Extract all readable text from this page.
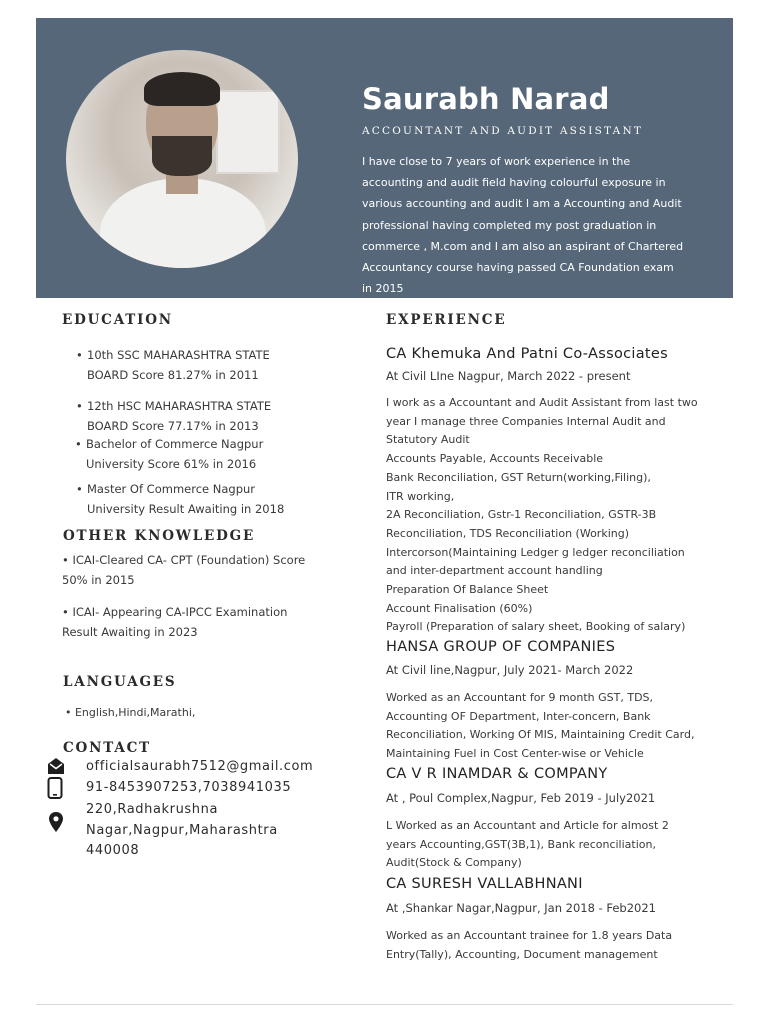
Saurabh Narad
ACCOUNTANT AND AUDIT ASSISTANT
I have close to 7 years of work experience in the
accounting and audit field having colourful exposure in
various accounting and audit I am a Accounting and Audit
professional having completed my post graduation in
commerce , M.com and I am also an aspirant of Chartered
Accountancy course having passed CA Foundation exam
in 2015
EDUCATION
• 10th SSC MAHARASHTRA STATE
BOARD Score 81.27% in 2011
• 12th HSC MAHARASHTRA STATE
BOARD Score 77.17% in 2013
• Bachelor of Commerce Nagpur
University Score 61% in 2016
• Master Of Commerce Nagpur
University Result Awaiting in 2018
OTHER KNOWLEDGE
• ICAI-Cleared CA- CPT (Foundation) Score
50% in 2015
• ICAI- Appearing CA-IPCC Examination
Result Awaiting in 2023
LANGUAGES
• English,Hindi,Marathi,
CONTACT
officialsaurabh7512@gmail.com
91-8453907253,7038941035
220,Radhakrushna
Nagar,Nagpur,Maharashtra
440008
EXPERIENCE
CA Khemuka And Patni Co-Associates
At Civil LIne Nagpur, March 2022 - present
I work as a Accountant and Audit Assistant from last two
year I manage three Companies Internal Audit and
Statutory Audit
Accounts Payable, Accounts Receivable
Bank Reconciliation, GST Return(working,Filing),
ITR working,
2A Reconciliation, Gstr-1 Reconciliation, GSTR-3B
Reconciliation, TDS Reconciliation (Working)
Intercorson(Maintaining Ledger g ledger reconciliation
and inter-department account handling
Preparation Of Balance Sheet
Account Finalisation (60%)
Payroll (Preparation of salary sheet, Booking of salary)
HANSA GROUP OF COMPANIES
At Civil line,Nagpur, July 2021- March 2022
Worked as an Accountant for 9 month GST, TDS,
Accounting OF Department, Inter-concern, Bank
Reconciliation, Working Of MIS, Maintaining Credit Card,
Maintaining Fuel in Cost Center-wise or Vehicle
CA V R INAMDAR & COMPANY
At , Poul Complex,Nagpur, Feb 2019 - July2021
L Worked as an Accountant and Article for almost 2
years Accounting,GST(3B,1), Bank reconciliation,
Audit(Stock & Company)
CA SURESH VALLABHNANI
At ,Shankar Nagar,Nagpur, Jan 2018 - Feb2021
Worked as an Accountant trainee for 1.8 years Data
Entry(Tally), Accounting, Document management
